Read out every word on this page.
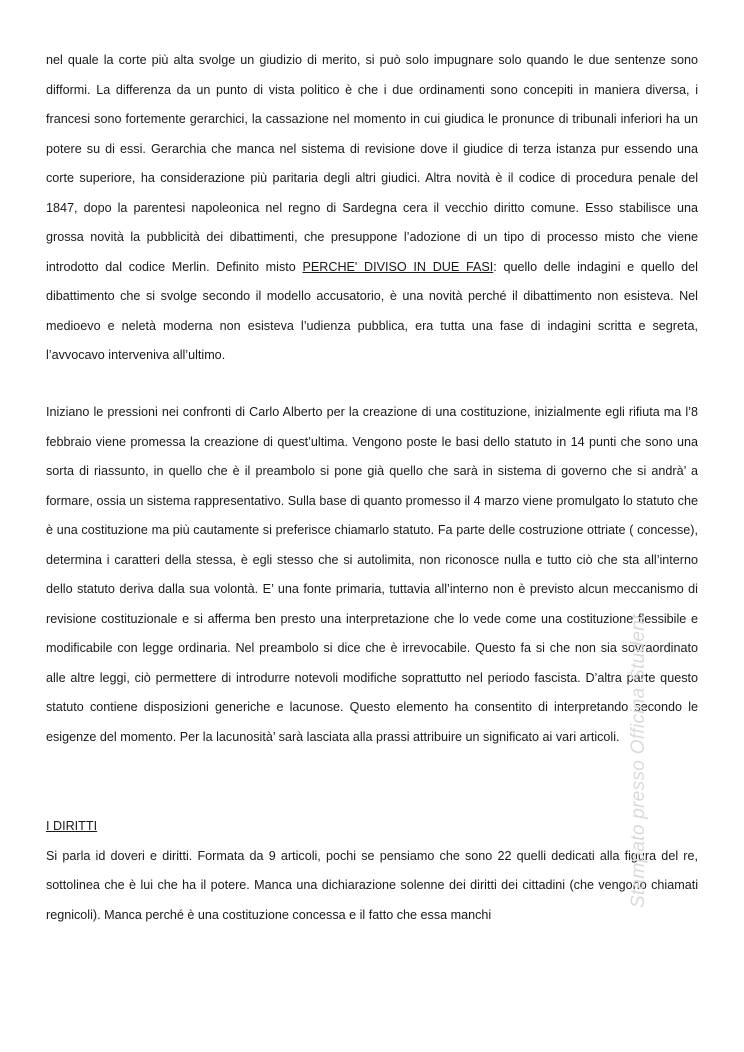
nel quale la corte più alta svolge un giudizio di merito, si può solo impugnare solo quando le due sentenze sono difformi. La differenza da un punto di vista politico è che i due ordinamenti sono concepiti in maniera diversa, i francesi sono fortemente gerarchici, la cassazione nel momento in cui giudica le pronunce di tribunali inferiori ha un potere su di essi. Gerarchia che manca nel sistema di revisione dove il giudice di terza istanza pur essendo una corte superiore, ha considerazione più paritaria degli altri giudici. Altra novità è il codice di procedura penale del 1847, dopo la parentesi napoleonica nel regno di Sardegna cera il vecchio diritto comune. Esso stabilisce una grossa novità la pubblicità dei dibattimenti, che presuppone l’adozione di un tipo di processo misto che viene introdotto dal codice Merlin. Definito misto PERCHE' DIVISO IN DUE FASI: quello delle indagini e quello del dibattimento che si svolge secondo il modello accusatorio, è una novità perché il dibattimento non esisteva. Nel medioevo e neletà moderna non esisteva l’udienza pubblica, era tutta una fase di indagini scritta e segreta, l’avvocavo interveniva all’ultimo.

Iniziano le pressioni nei confronti di Carlo Alberto per la creazione di una costituzione, inizialmente egli rifiuta ma l’8 febbraio viene promessa la creazione di quest’ultima. Vengono poste le basi dello statuto in 14 punti che sono una sorta di riassunto, in quello che è il preambolo si pone già quello che sarà in sistema di governo che si andrà’ a formare, ossia un sistema rappresentativo. Sulla base di quanto promesso il 4 marzo viene promulgato lo statuto che è una costituzione ma più cautamente si preferisce chiamarlo statuto. Fa parte delle costruzione ottriate ( concesse), determina i caratteri della stessa, è egli stesso che si autolimita, non riconosce nulla e tutto ciò che sta all’interno dello statuto deriva dalla sua volontà. E’ una fonte primaria, tuttavia all’interno non è previsto alcun meccanismo di revisione costituzionale e si afferma ben presto una interpretazione che lo vede come una costituzione flessibile e modificabile con legge ordinaria. Nel preambolo si dice che è irrevocabile. Questo fa si che non sia sovraordinato alle altre leggi, ciò permettere di introdurre notevoli modifiche soprattutto nel periodo fascista. D’altra parte questo statuto contiene disposizioni generiche e lacunose. Questo elemento ha consentito di interpretando secondo le esigenze del momento. Per la lacunosità’ sarà lasciata alla prassi attribuire un significato ai vari articoli.

I DIRITTI

Si parla id doveri e diritti. Formata da 9 articoli, pochi se pensiamo che sono 22 quelli dedicati alla figura del re, sottolinea che è lui che ha il potere. Manca una dichiarazione solenne dei diritti dei cittadini (che vengono chiamati regnicoli). Manca perché è una costituzione concessa e il fatto che essa manchi

Stampato presso Officina Student
